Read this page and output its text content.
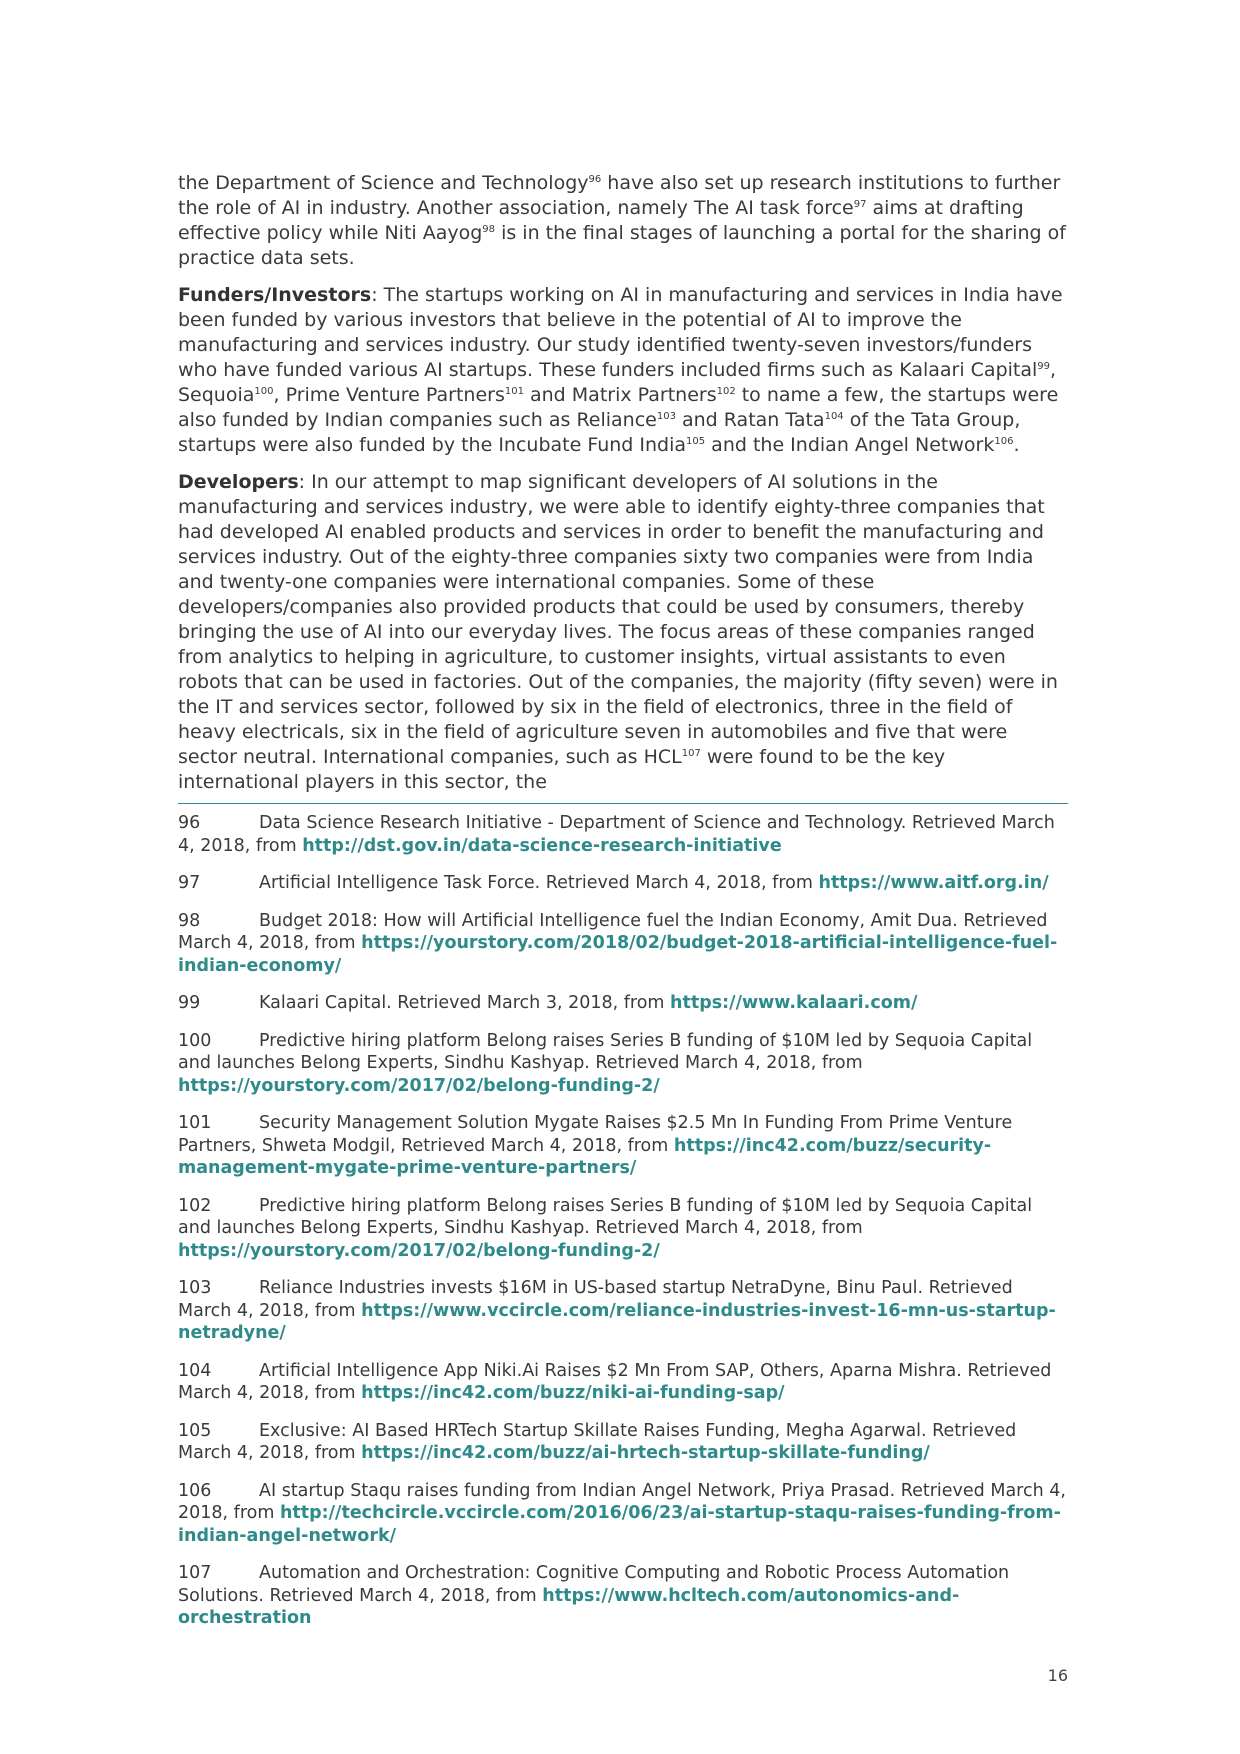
the Department of Science and Technology$^{96}$ have also set up research institutions to further the role of AI in industry. Another association, namely The AI task force$^{97}$ aims at drafting effective policy while Niti Aayog$^{98}$ is in the final stages of launching a portal for the sharing of practice data sets.

Funders/Investors: The startups working on AI in manufacturing and services in India have been funded by various investors that believe in the potential of AI to improve the manufacturing and services industry. Our study identified twenty-seven investors/funders who have funded various AI startups. These funders included firms such as Kalaari Capital$^{99}$, Sequoia$^{100}$, Prime Venture Partners$^{101}$ and Matrix Partners$^{102}$ to name a few, the startups were also funded by Indian companies such as Reliance$^{103}$ and Ratan Tata$^{104}$ of the Tata Group, startups were also funded by the Incubate Fund India$^{105}$ and the Indian Angel Network$^{106}$.

Developers: In our attempt to map significant developers of AI solutions in the manufacturing and services industry, we were able to identify eighty-three companies that had developed AI enabled products and services in order to benefit the manufacturing and services industry. Out of the eighty-three companies sixty two companies were from India and twenty-one companies were international companies. Some of these developers/companies also provided products that could be used by consumers, thereby bringing the use of AI into our everyday lives. The focus areas of these companies ranged from analytics to helping in agriculture, to customer insights, virtual assistants to even robots that can be used in factories. Out of the companies, the majority (fifty seven) were in the IT and services sector, followed by six in the field of electronics, three in the field of heavy electricals, six in the field of agriculture seven in automobiles and five that were sector neutral. International companies, such as HCL$^{107}$ were found to be the key international players in this sector, the

96	Data Science Research Initiative - Department of Science and Technology. Retrieved March 4, 2018, from http://dst.gov.in/data-science-research-initiative
97	Artificial Intelligence Task Force. Retrieved March 4, 2018, from https://www.aitf.org.in/
98	Budget 2018: How will Artificial Intelligence fuel the Indian Economy, Amit Dua. Retrieved March 4, 2018, from https://yourstory.com/2018/02/budget-2018-artificial-intelligence-fuel-indian-economy/
99	Kalaari Capital. Retrieved March 3, 2018, from https://www.kalaari.com/
100	Predictive hiring platform Belong raises Series B funding of $10M led by Sequoia Capital and launches Belong Experts, Sindhu Kashyap. Retrieved March 4, 2018, from https://yourstory.com/2017/02/belong-funding-2/
101	Security Management Solution Mygate Raises $2.5 Mn In Funding From Prime Venture Partners, Shweta Modgil, Retrieved March 4, 2018, from https://inc42.com/buzz/security-management-mygate-prime-venture-partners/
102	Predictive hiring platform Belong raises Series B funding of $10M led by Sequoia Capital and launches Belong Experts, Sindhu Kashyap. Retrieved March 4, 2018, from https://yourstory.com/2017/02/belong-funding-2/
103	Reliance Industries invests $16M in US-based startup NetraDyne, Binu Paul. Retrieved March 4, 2018, from https://www.vccircle.com/reliance-industries-invest-16-mn-us-startup-netradyne/
104	Artificial Intelligence App Niki.Ai Raises $2 Mn From SAP, Others, Aparna Mishra. Retrieved March 4, 2018, from https://inc42.com/buzz/niki-ai-funding-sap/
105	Exclusive: AI Based HRTech Startup Skillate Raises Funding, Megha Agarwal. Retrieved March 4, 2018, from https://inc42.com/buzz/ai-hrtech-startup-skillate-funding/
106	AI startup Staqu raises funding from Indian Angel Network, Priya Prasad. Retrieved March 4, 2018, from http://techcircle.vccircle.com/2016/06/23/ai-startup-staqu-raises-funding-from-indian-angel-network/
107	Automation and Orchestration: Cognitive Computing and Robotic Process Automation Solutions. Retrieved March 4, 2018, from https://www.hcltech.com/autonomics-and-orchestration
16
